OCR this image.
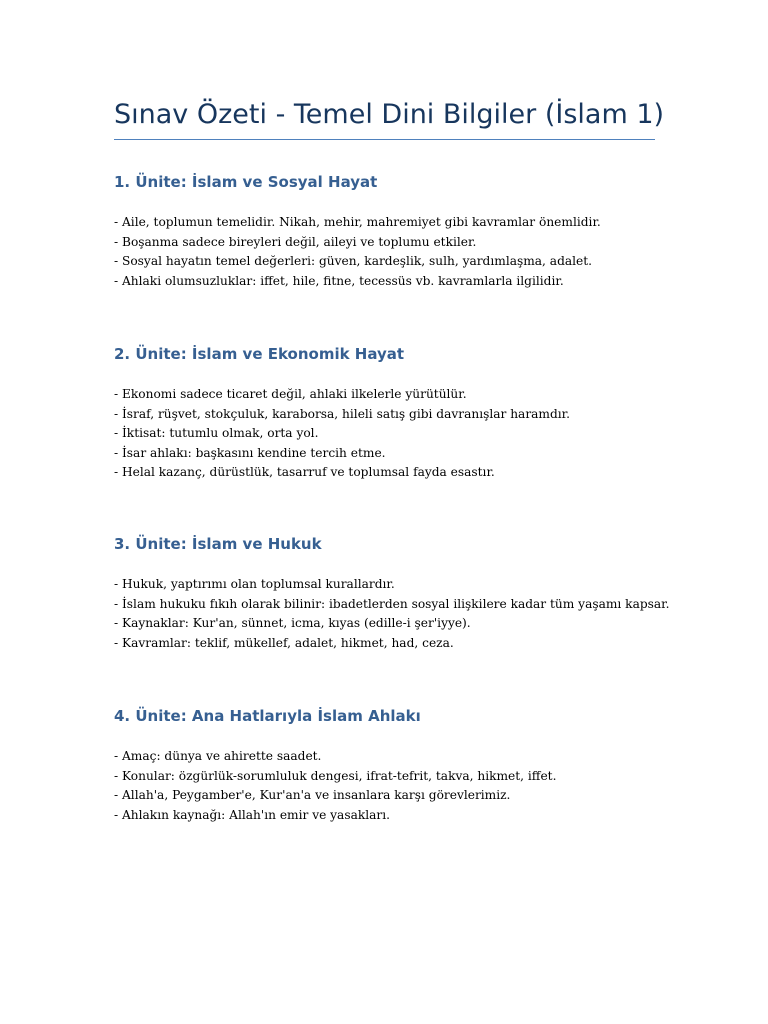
Sınav Özeti - Temel Dini Bilgiler (İslam 1)
1. Ünite: İslam ve Sosyal Hayat
- Aile, toplumun temelidir. Nikah, mehir, mahremiyet gibi kavramlar önemlidir.
- Boşanma sadece bireyleri değil, aileyi ve toplumu etkiler.
- Sosyal hayatın temel değerleri: güven, kardeşlik, sulh, yardımlaşma, adalet.
- Ahlaki olumsuzluklar: iffet, hile, fitne, tecessüs vb. kavramlarla ilgilidir.
2. Ünite: İslam ve Ekonomik Hayat
- Ekonomi sadece ticaret değil, ahlaki ilkelerle yürütülür.
- İsraf, rüşvet, stokçuluk, karaborsa, hileli satış gibi davranışlar haramdır.
- İktisat: tutumlu olmak, orta yol.
- İsar ahlakı: başkasını kendine tercih etme.
- Helal kazanç, dürüstlük, tasarruf ve toplumsal fayda esastır.
3. Ünite: İslam ve Hukuk
- Hukuk, yaptırımı olan toplumsal kurallardır.
- İslam hukuku fıkıh olarak bilinir: ibadetlerden sosyal ilişkilere kadar tüm yaşamı kapsar.
- Kaynaklar: Kur'an, sünnet, icma, kıyas (edille-i şer'iyye).
- Kavramlar: teklif, mükellef, adalet, hikmet, had, ceza.
4. Ünite: Ana Hatlarıyla İslam Ahlakı
- Amaç: dünya ve ahirette saadet.
- Konular: özgürlük-sorumluluk dengesi, ifrat-tefrit, takva, hikmet, iffet.
- Allah'a, Peygamber'e, Kur'an'a ve insanlara karşı görevlerimiz.
- Ahlakın kaynağı: Allah'ın emir ve yasakları.
